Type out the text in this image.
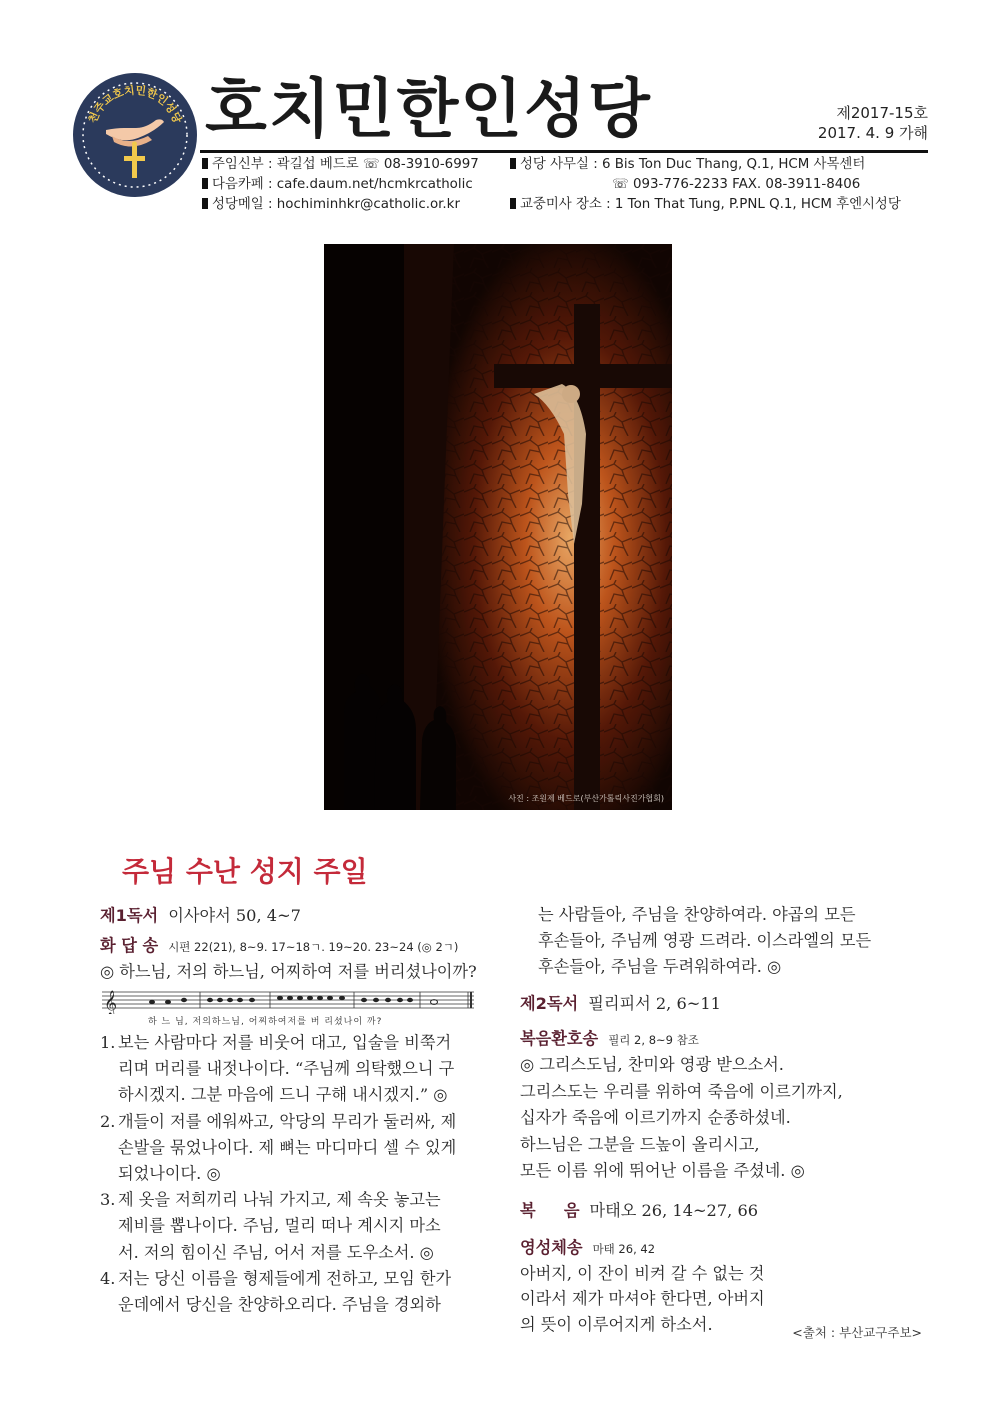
천주교호치민한인성당 호치민한인성당	제2017-15호
2017. 4. 9 가해
주임신부 : 곽길섭 베드로 ☏ 08-3910-6997	성당 사무실 : 6 Bis Ton Duc Thang, Q.1, HCM 사목센터
다음카페 : cafe.daum.net/hcmkrcatholic	☏ 093-776-2233 FAX. 08-3911-8406
성당메일 : hochiminhkr@catholic.or.kr	교중미사 장소 : 1 Ton That Tung, P.PNL Q.1, HCM 후엔시성당
사진 : 조원제 베드로(부산가톨릭사진가협회)
주님 수난 성지 주일
제1독서 이사야서 50, 4~7
화 답 송 시편 22(21), 8~9. 17~18ㄱ. 19~20. 23~24 (◎ 2ㄱ)
◎ 하느님, 저의 하느님, 어찌하여 저를 버리셨나이까?
𝄞
하 느 님, 저의하느님, 어찌하여저를 버 리셨나이 까?
1. 보는 사람마다 저를 비웃어 대고, 입술을 비쭉거
리며 머리를 내젓나이다. “주님께 의탁했으니 구
하시겠지. 그분 마음에 드니 구해 내시겠지.” ◎
2. 개들이 저를 에워싸고, 악당의 무리가 둘러싸, 제
손발을 묶었나이다. 제 뼈는 마디마디 셀 수 있게
되었나이다. ◎
3. 제 옷을 저희끼리 나눠 가지고, 제 속옷 놓고는
제비를 뽑나이다. 주님, 멀리 떠나 계시지 마소
서. 저의 힘이신 주님, 어서 저를 도우소서. ◎
4. 저는 당신 이름을 형제들에게 전하고, 모임 한가
운데에서 당신을 찬양하오리다. 주님을 경외하
는 사람들아, 주님을 찬양하여라. 야곱의 모든
후손들아, 주님께 영광 드려라. 이스라엘의 모든
후손들아, 주님을 두려워하여라. ◎
제2독서 필리피서 2, 6~11
복음환호송 필리 2, 8~9 참조
◎ 그리스도님, 찬미와 영광 받으소서.
그리스도는 우리를 위하여 죽음에 이르기까지,
십자가 죽음에 이르기까지 순종하셨네.
하느님은 그분을 드높이 올리시고,
모든 이름 위에 뛰어난 이름을 주셨네. ◎
복     음 마태오 26, 14~27, 66
영성체송 마태 26, 42
아버지, 이 잔이 비켜 갈 수 없는 것
이라서 제가 마셔야 한다면, 아버지
의 뜻이 이루어지게 하소서.	<출처 : 부산교구주보>
